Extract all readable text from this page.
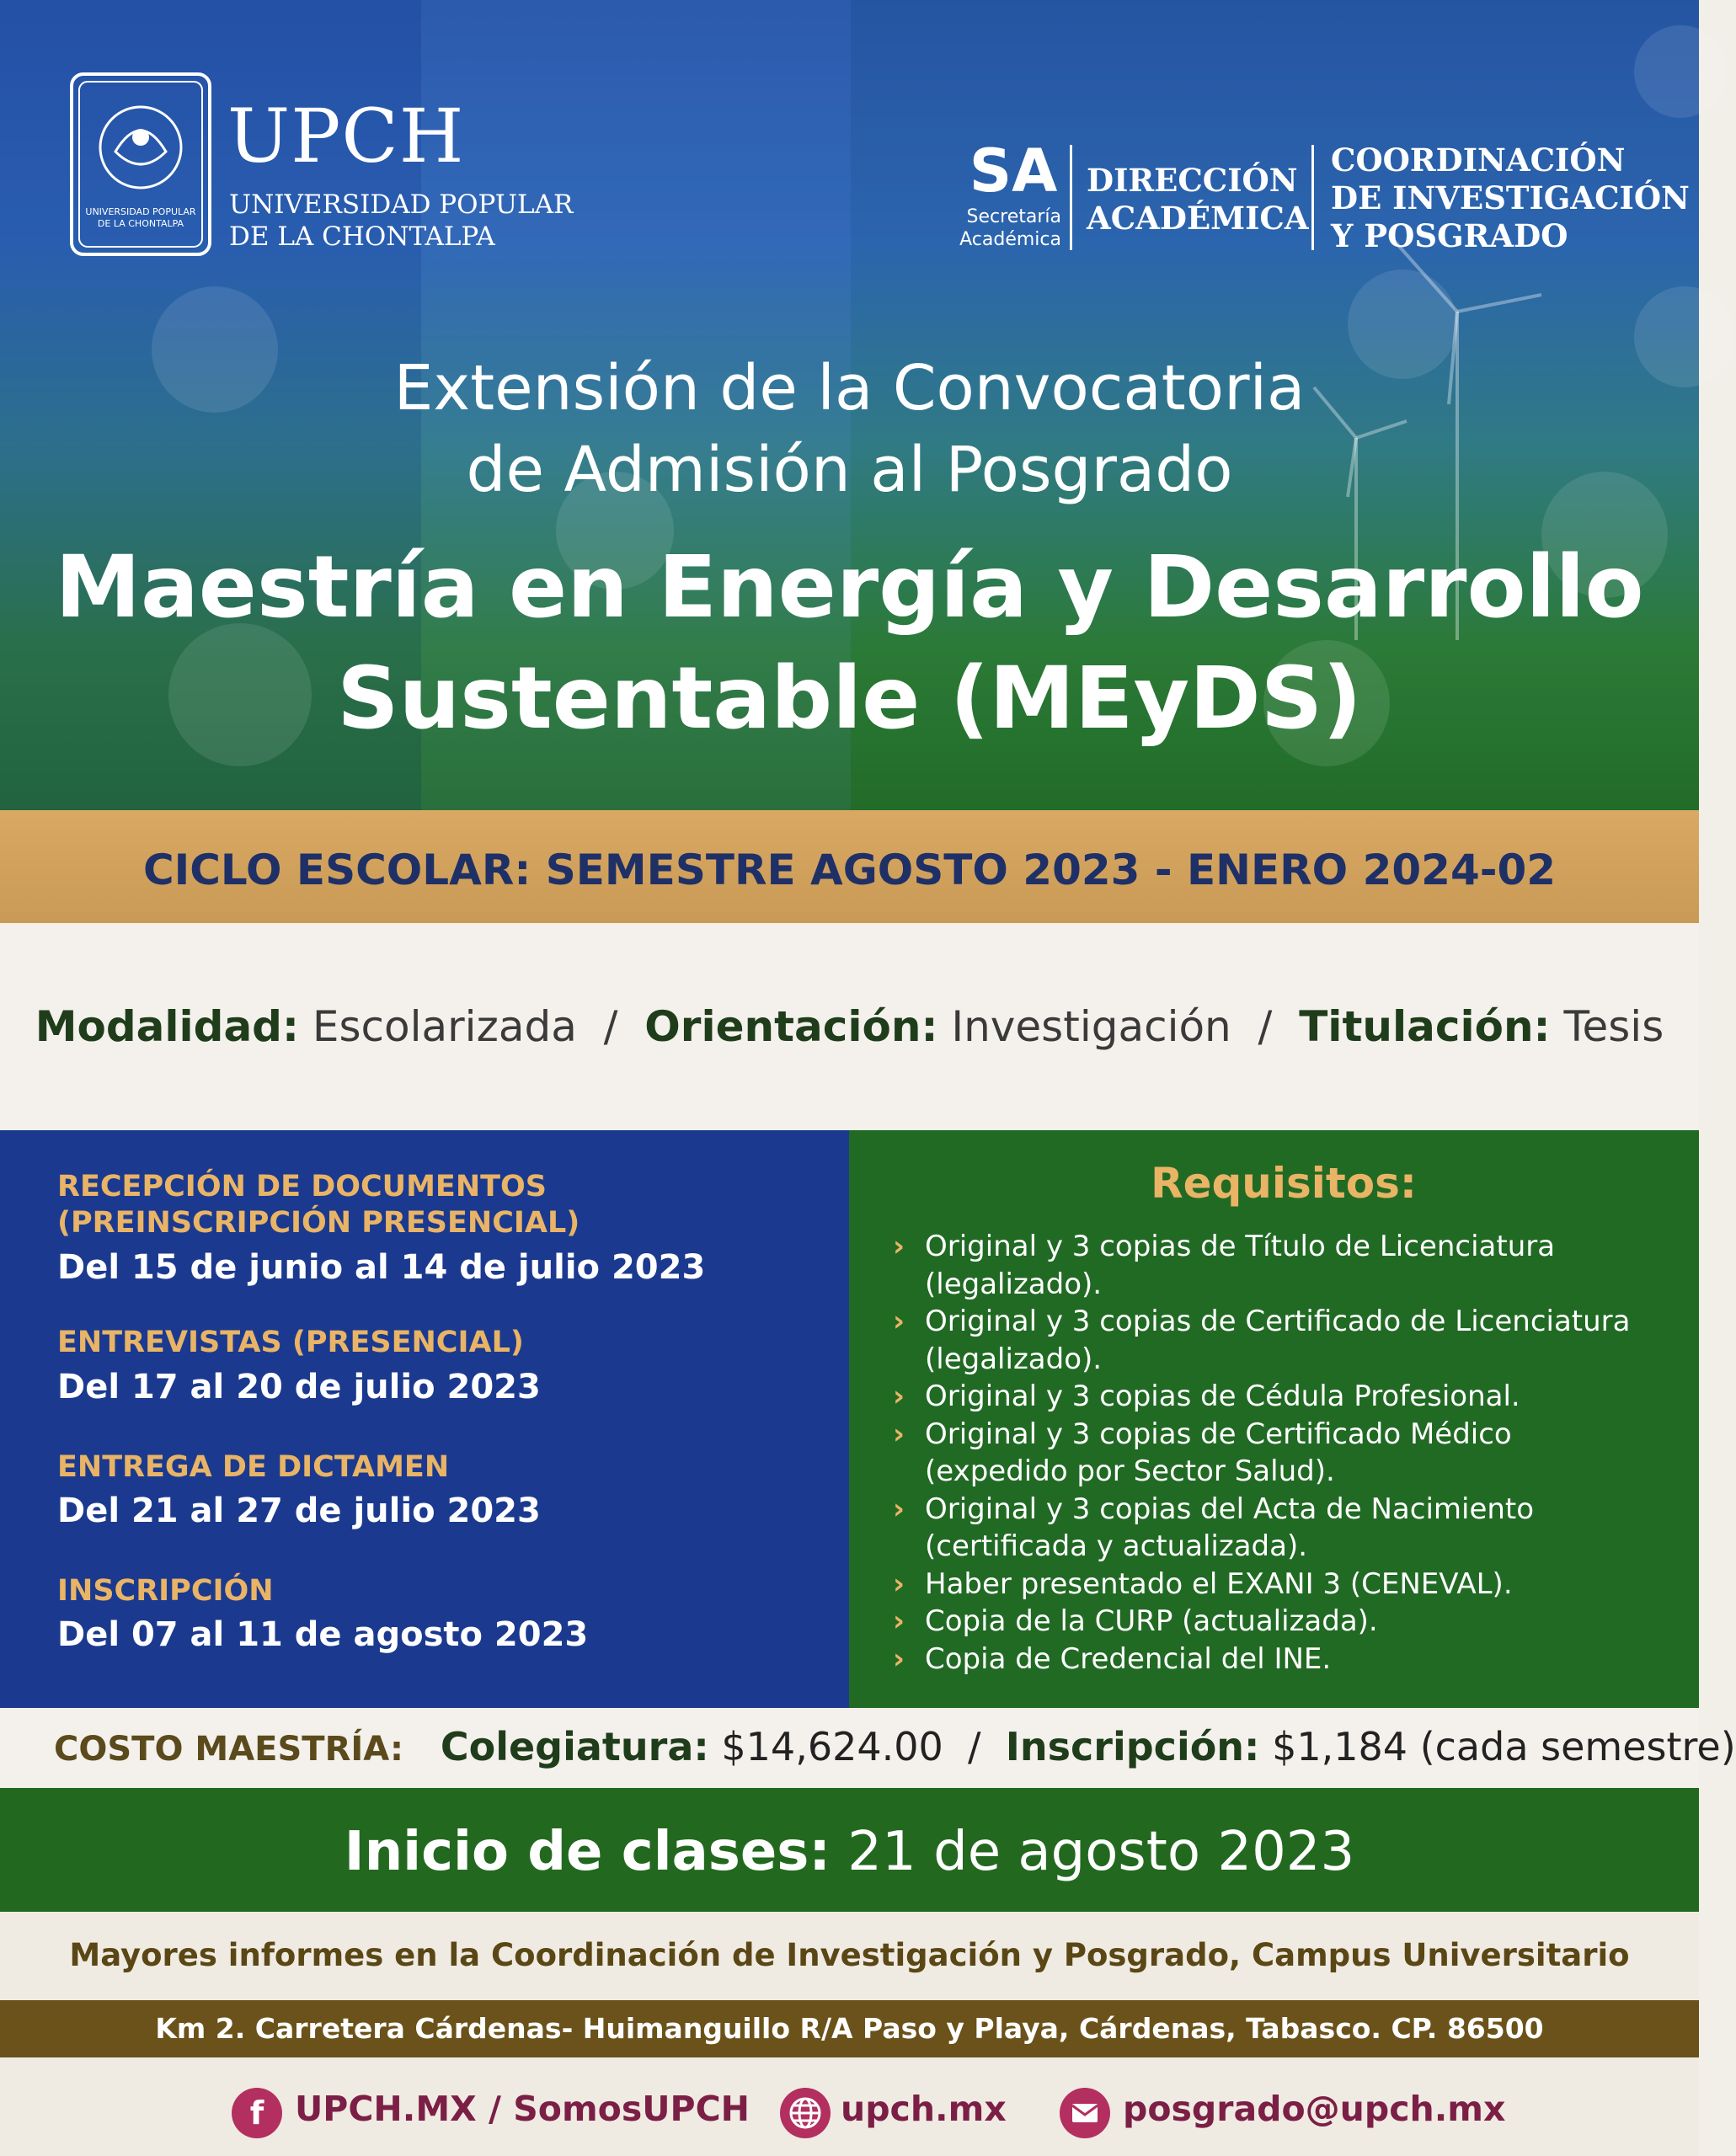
UNIVERSIDAD POPULAR
DE LA CHONTALPA
UPCH
UNIVERSIDAD POPULAR
DE LA CHONTALPA
SA
Secretaría
Académica
DIRECCIÓN
ACADÉMICA
COORDINACIÓN
DE INVESTIGACIÓN
Y POSGRADO
Extensión de la Convocatoria
de Admisión al Posgrado
Maestría en Energía y Desarrollo
Sustentable (MEyDS)
CICLO ESCOLAR: SEMESTRE AGOSTO 2023 - ENERO 2024-02
Modalidad: Escolarizada / Orientación: Investigación / Titulación: Tesis
RECEPCIÓN DE DOCUMENTOS
(PREINSCRIPCIÓN PRESENCIAL)
Del 15 de junio al 14 de julio 2023
ENTREVISTAS (PRESENCIAL)
Del 17 al 20 de julio 2023
ENTREGA DE DICTAMEN
Del 21 al 27 de julio 2023
INSCRIPCIÓN
Del 07 al 11 de agosto 2023
Requisitos:
› Original y 3 copias de Título de Licenciatura (legalizado).
› Original y 3 copias de Certificado de Licenciatura (legalizado).
› Original y 3 copias de Cédula Profesional.
› Original y 3 copias de Certificado Médico (expedido por Sector Salud).
› Original y 3 copias del Acta de Nacimiento (certificada y actualizada).
› Haber presentado el EXANI 3 (CENEVAL).
› Copia de la CURP (actualizada).
› Copia de Credencial del INE.
COSTO MAESTRÍA: Colegiatura: $14,624.00 / Inscripción: $1,184 (cada semestre)
Inicio de clases: 21 de agosto 2023
Mayores informes en la Coordinación de Investigación y Posgrado, Campus Universitario
Km 2. Carretera Cárdenas- Huimanguillo R/A Paso y Playa, Cárdenas, Tabasco. CP. 86500
f UPCH.MX / SomosUPCH	upch.mx	posgrado@upch.mx
